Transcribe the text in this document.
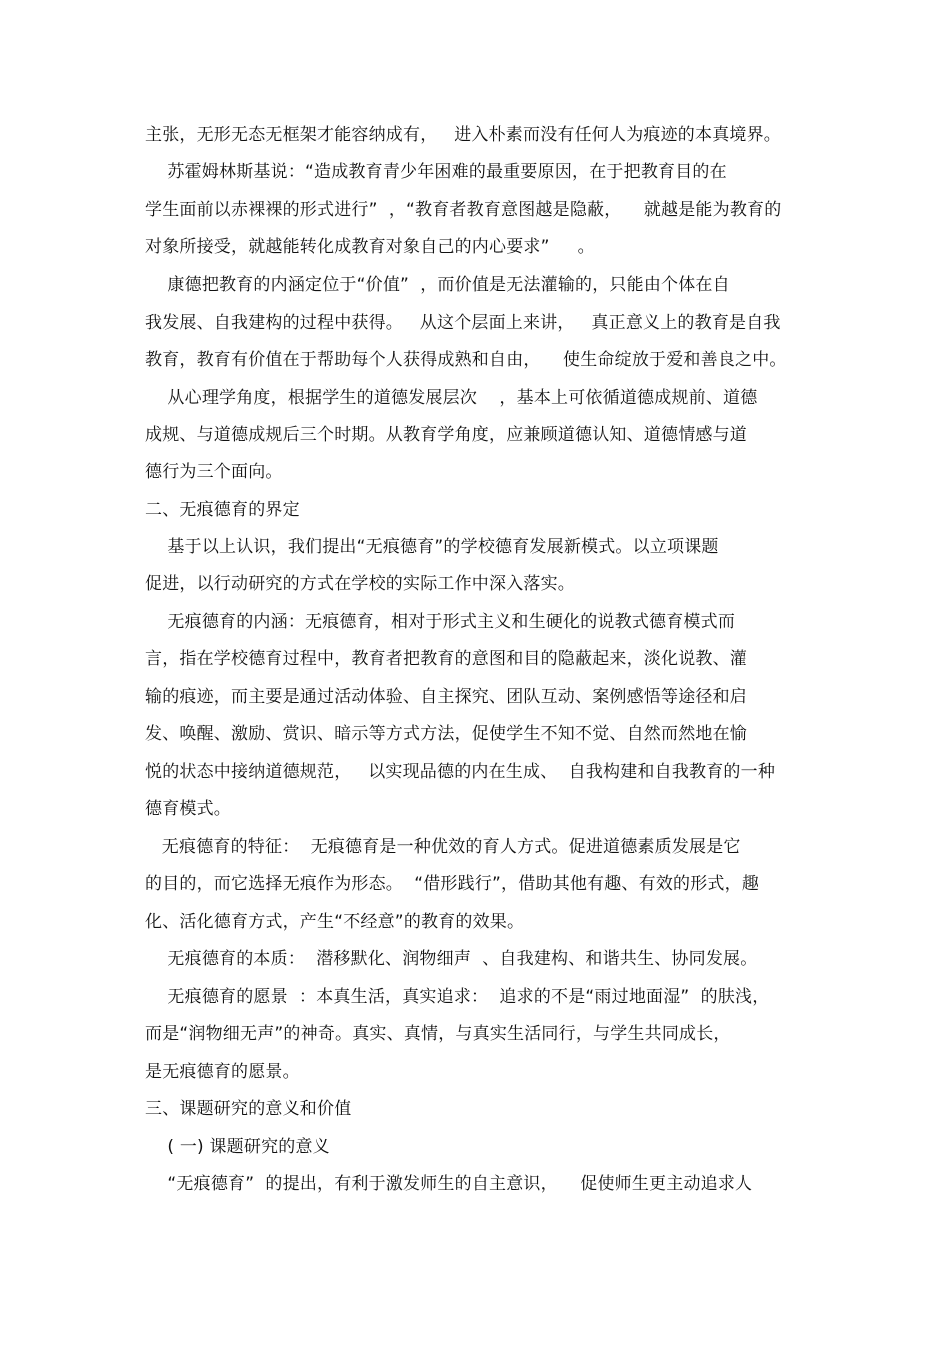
主张，无形无态无框架才能容纳成有，   进入朴素而没有任何人为痕迹的本真境界。
苏霍姆林斯基说：“造成教育青少年困难的最重要原因，在于把教育目的在
学生面前以赤裸裸的形式进行”  ，“教育者教育意图越是隐蔽，    就越是能为教育的
对象所接受，就越能转化成教育对象自己的内心要求”     。
康德把教育的内涵定位于“价值”  ，而价值是无法灌输的，只能由个体在自
我发展、自我建构的过程中获得。   从这个层面上来讲，   真正意义上的教育是自我
教育，教育有价值在于帮助每个人获得成熟和自由，    使生命绽放于爱和善良之中。
从心理学角度，根据学生的道德发展层次    ，基本上可依循道德成规前、道德
成规、与道德成规后三个时期。从教育学角度，应兼顾道德认知、道德情感与道
德行为三个面向。
二、无痕德育的界定
基于以上认识，我们提出“无痕德育”的学校德育发展新模式。以立项课题
促进，以行动研究的方式在学校的实际工作中深入落实。
无痕德育的内涵：无痕德育，相对于形式主义和生硬化的说教式德育模式而
言，指在学校德育过程中，教育者把教育的意图和目的隐蔽起来，淡化说教、灌
输的痕迹，而主要是通过活动体验、自主探究、团队互动、案例感悟等途径和启
发、唤醒、激励、赏识、暗示等方式方法，促使学生不知不觉、自然而然地在愉
悦的状态中接纳道德规范，   以实现品德的内在生成、  自我构建和自我教育的一种
德育模式。
无痕德育的特征：  无痕德育是一种优效的育人方式。促进道德素质发展是它
的目的，而它选择无痕作为形态。  “借形践行”，借助其他有趣、有效的形式，趣
化、活化德育方式，产生“不经意”的教育的效果。
无痕德育的本质：  潜移默化、润物细声  、自我建构、和谐共生、协同发展。
无痕德育的愿景  ：本真生活，真实追求：  追求的不是“雨过地面湿”  的肤浅，
而是“润物细无声”的神奇。真实、真情，与真实生活同行，与学生共同成长，
是无痕德育的愿景。
三、课题研究的意义和价值
( 一) 课题研究的意义
“无痕德育”  的提出，有利于激发师生的自主意识，    促使师生更主动追求人
